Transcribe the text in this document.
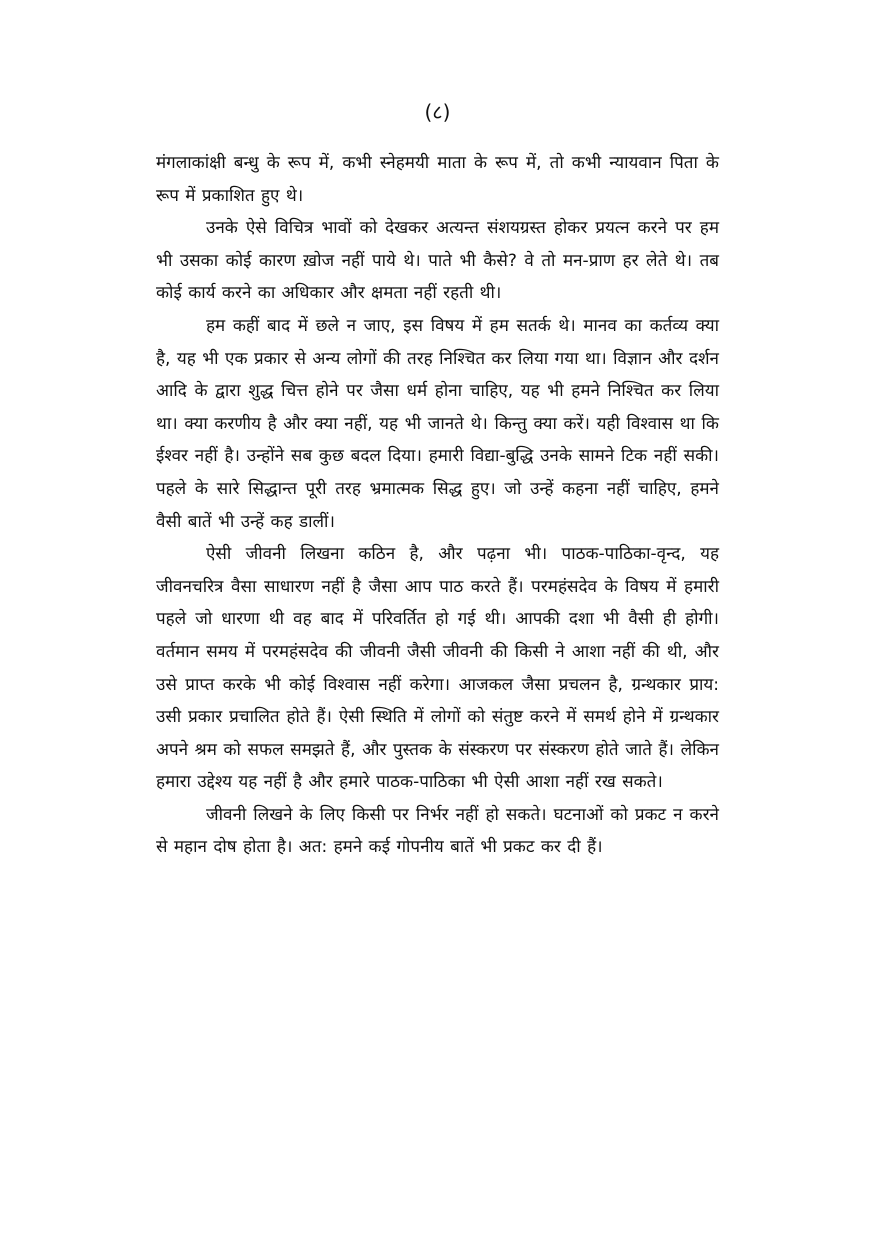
(८)

मंगलाकांक्षी बन्धु के रूप में, कभी स्नेहमयी माता के रूप में, तो कभी न्यायवान पिता के रूप में प्रकाशित हुए थे।

उनके ऐसे विचित्र भावों को देखकर अत्यन्त संशयग्रस्त होकर प्रयत्न करने पर हम भी उसका कोई कारण ख़ोज नहीं पाये थे। पाते भी कैसे? वे तो मन-प्राण हर लेते थे। तब कोई कार्य करने का अधिकार और क्षमता नहीं रहती थी।

हम कहीं बाद में छले न जाए, इस विषय में हम सतर्क थे। मानव का कर्तव्य क्या है, यह भी एक प्रकार से अन्य लोगों की तरह निश्चित कर लिया गया था। विज्ञान और दर्शन आदि के द्वारा शुद्ध चित्त होने पर जैसा धर्म होना चाहिए, यह भी हमने निश्चित कर लिया था। क्या करणीय है और क्या नहीं, यह भी जानते थे। किन्तु क्या करें। यही विश्वास था कि ईश्वर नहीं है। उन्होंने सब कुछ बदल दिया। हमारी विद्या-बुद्धि उनके सामने टिक नहीं सकी। पहले के सारे सिद्धान्त पूरी तरह भ्रमात्मक सिद्ध हुए। जो उन्हें कहना नहीं चाहिए, हमने वैसी बातें भी उन्हें कह डालीं।

ऐसी जीवनी लिखना कठिन है, और पढ़ना भी। पाठक-पाठिका-वृन्द, यह जीवनचरित्र वैसा साधारण नहीं है जैसा आप पाठ करते हैं। परमहंसदेव के विषय में हमारी पहले जो धारणा थी वह बाद में परिवर्तित हो गई थी। आपकी दशा भी वैसी ही होगी। वर्तमान समय में परमहंसदेव की जीवनी जैसी जीवनी की किसी ने आशा नहीं की थी, और उसे प्राप्त करके भी कोई विश्वास नहीं करेगा। आजकल जैसा प्रचलन है, ग्रन्थकार प्राय: उसी प्रकार प्रचालित होते हैं। ऐसी स्थिति में लोगों को संतुष्ट करने में समर्थ होने में ग्रन्थकार अपने श्रम को सफल समझते हैं, और पुस्तक के संस्करण पर संस्करण होते जाते हैं। लेकिन हमारा उद्देश्य यह नहीं है और हमारे पाठक-पाठिका भी ऐसी आशा नहीं रख सकते।

जीवनी लिखने के लिए किसी पर निर्भर नहीं हो सकते। घटनाओं को प्रकट न करने से महान दोष होता है। अत: हमने कई गोपनीय बातें भी प्रकट कर दी हैं।
